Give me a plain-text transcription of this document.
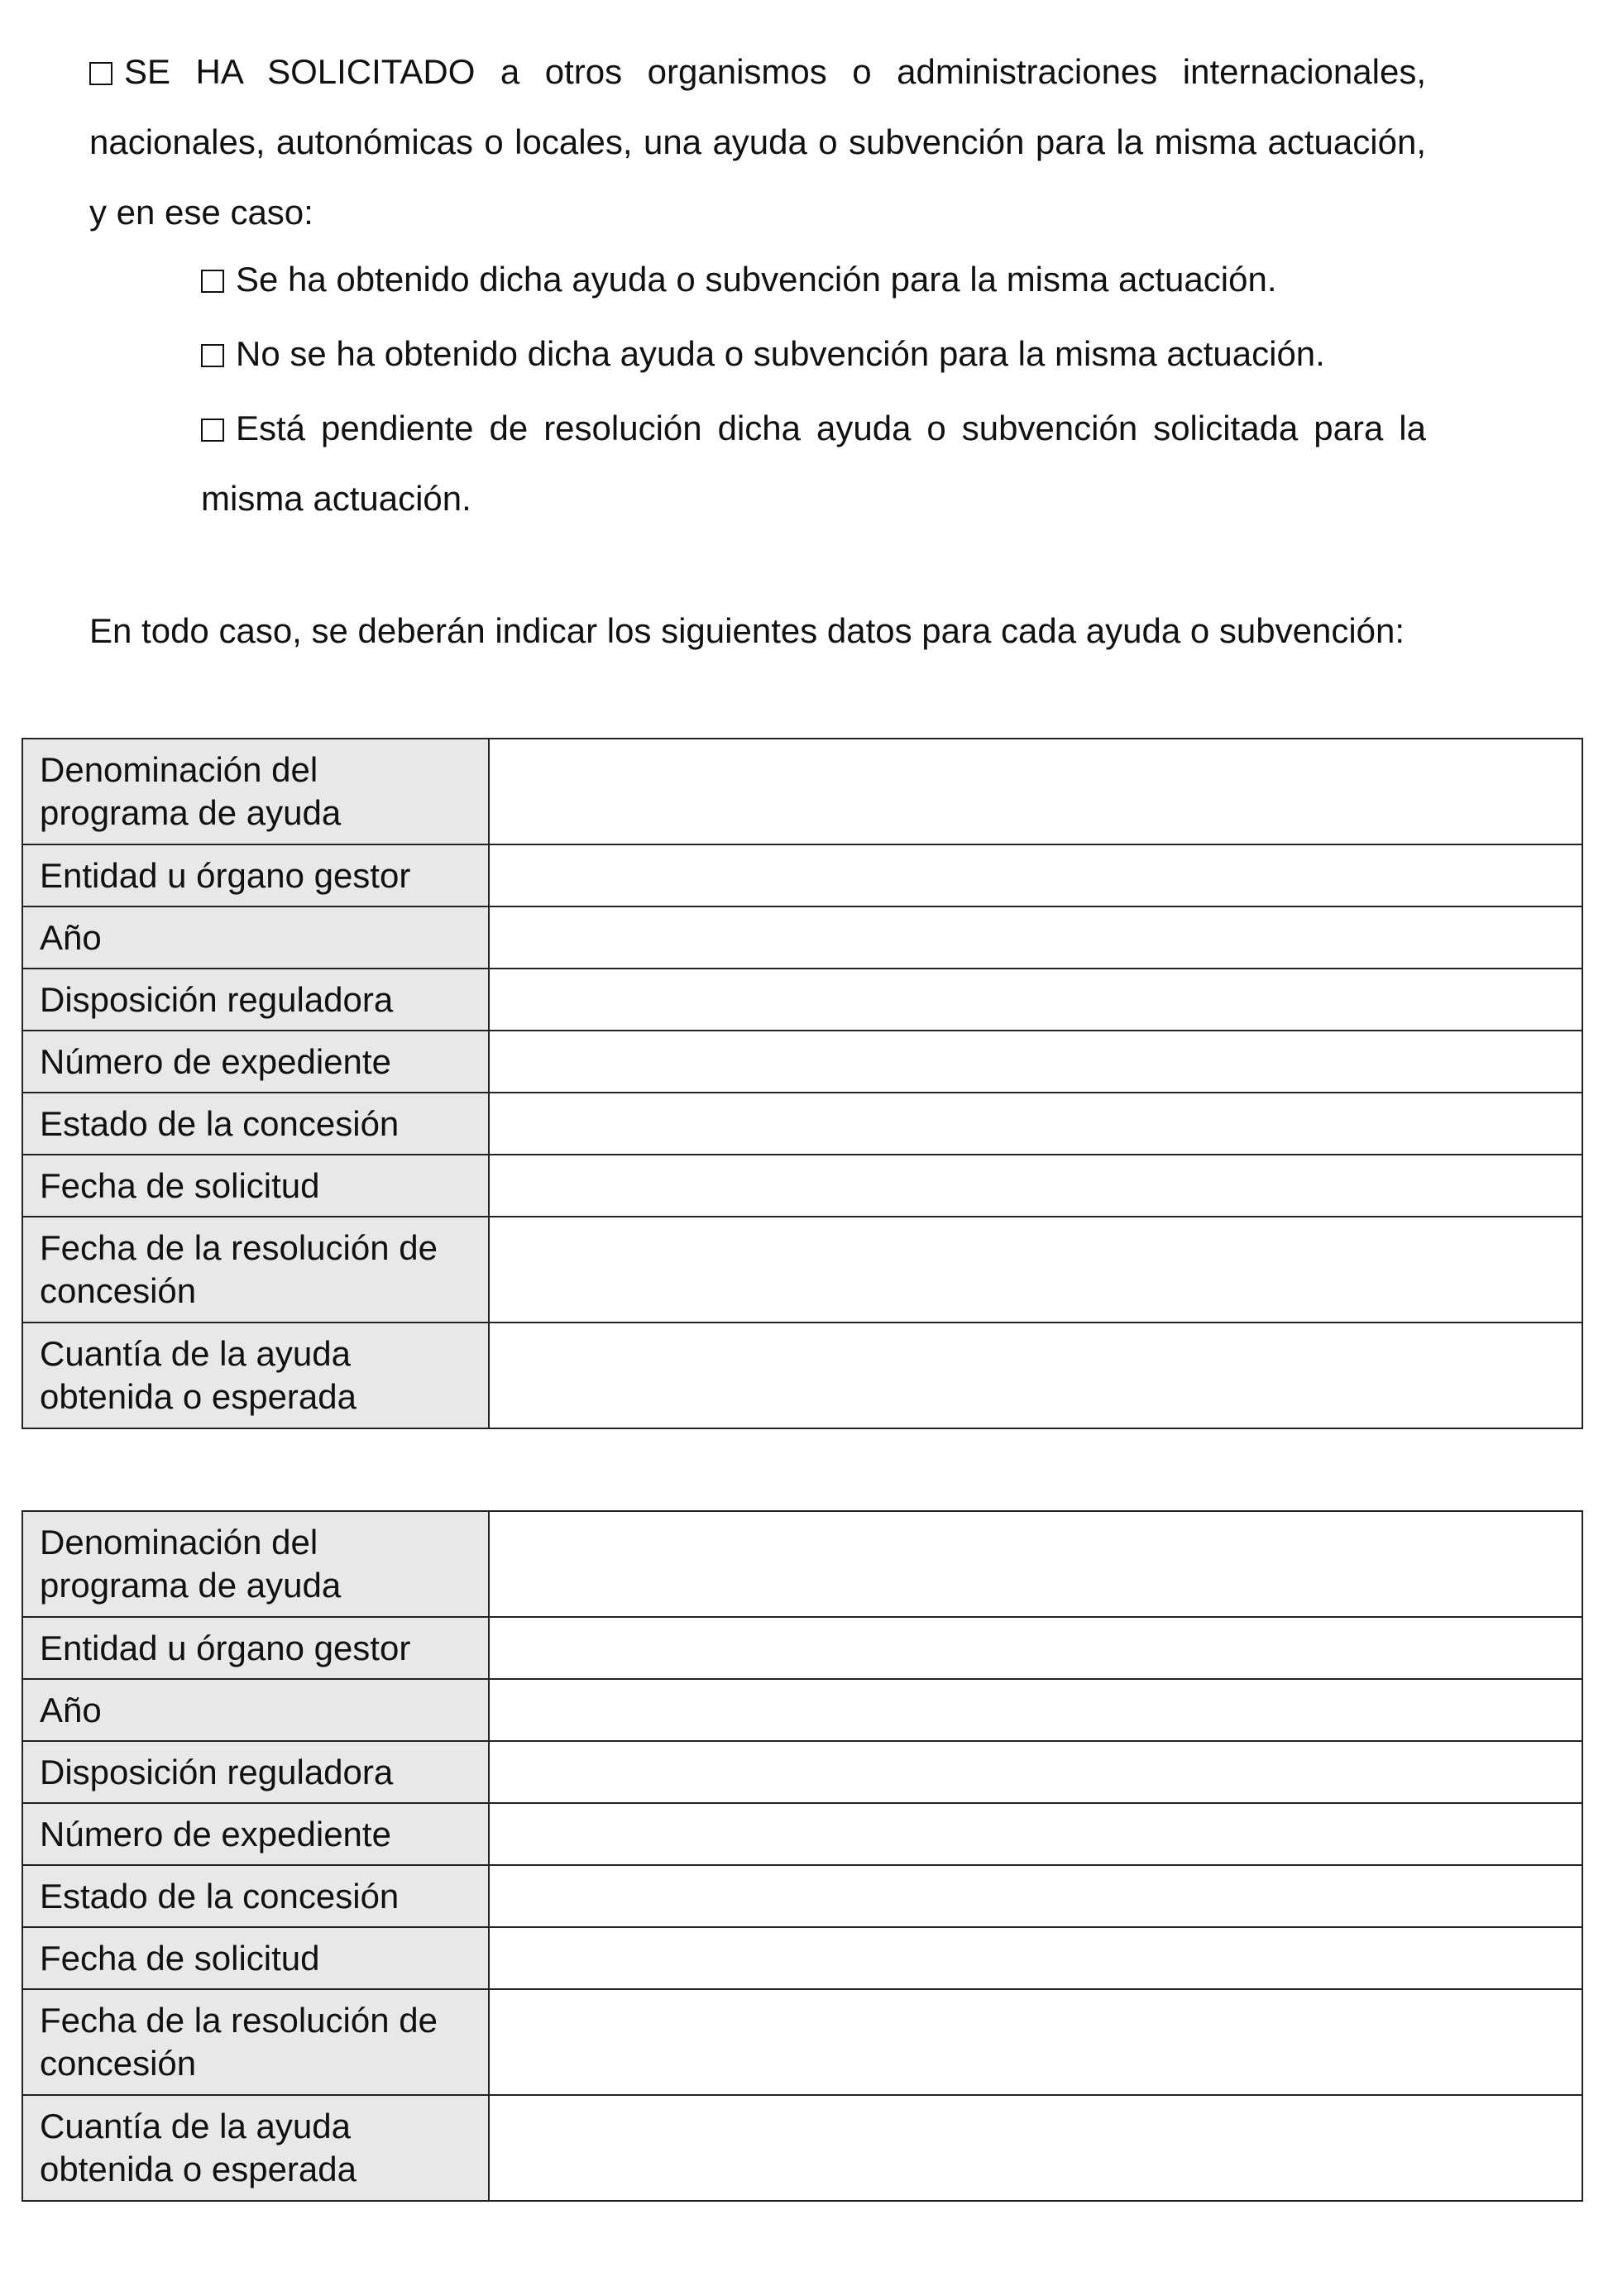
SE HA SOLICITADO a otros organismos o administraciones internacionales, nacionales, autonómicas o locales, una ayuda o subvención para la misma actuación, y en ese caso:

Se ha obtenido dicha ayuda o subvención para la misma actuación.
No se ha obtenido dicha ayuda o subvención para la misma actuación.
Está pendiente de resolución dicha ayuda o subvención solicitada para la misma actuación.

En todo caso, se deberán indicar los siguientes datos para cada ayuda o subvención:

Denominación del programa de ayuda	
Entidad u órgano gestor	
Año	
Disposición reguladora	
Número de expediente	
Estado de la concesión	
Fecha de solicitud	
Fecha de la resolución de concesión	
Cuantía de la ayuda obtenida o esperada	
Denominación del programa de ayuda	
Entidad u órgano gestor	
Año	
Disposición reguladora	
Número de expediente	
Estado de la concesión	
Fecha de solicitud	
Fecha de la resolución de concesión	
Cuantía de la ayuda obtenida o esperada	
